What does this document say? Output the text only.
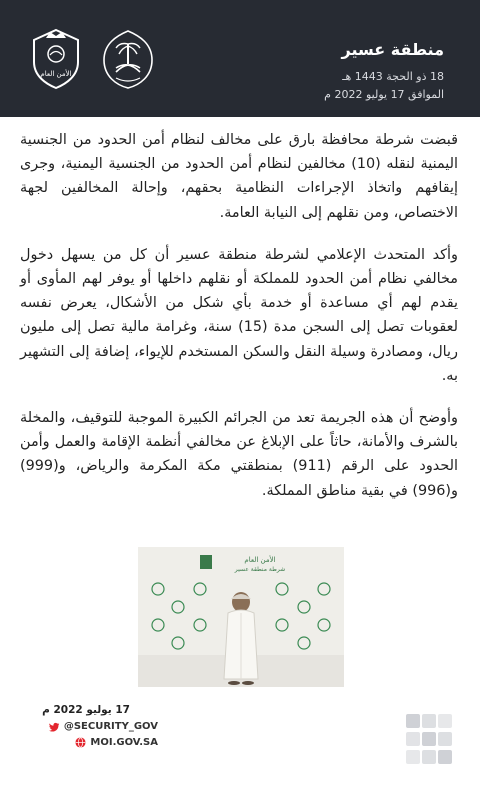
الأمن العام
منطقة عسير
18 ذو الحجة 1443 هـ
الموافق 17 يوليو 2022 م

قبضت شرطة محافظة بارق على مخالف لنظام أمن الحدود من الجنسية اليمنية لنقله (10) مخالفين لنظام أمن الحدود من الجنسية اليمنية، وجرى إيقافهم واتخاذ الإجراءات النظامية بحقهم، وإحالة المخالفين لجهة الاختصاص، ومن نقلهم إلى النيابة العامة.

وأكد المتحدث الإعلامي لشرطة منطقة عسير أن كل من يسهل دخول مخالفي نظام أمن الحدود للمملكة أو نقلهم داخلها أو يوفر لهم المأوى أو يقدم لهم أي مساعدة أو خدمة بأي شكل من الأشكال، يعرض نفسه لعقوبات تصل إلى السجن مدة (15) سنة، وغرامة مالية تصل إلى مليون ريال، ومصادرة وسيلة النقل والسكن المستخدم للإيواء، إضافة إلى التشهير به.

وأوضح أن هذه الجريمة تعد من الجرائم الكبيرة الموجبة للتوقيف، والمخلة بالشرف والأمانة، حاثاً على الإبلاغ عن مخالفي أنظمة الإقامة والعمل وأمن الحدود على الرقم (911) بمنطقتي مكة المكرمة والرياض، و(999) و(996) في بقية مناطق المملكة.

الأمن العام
شرطة منطقة عسير
17 يوليو 2022 م
@SECURITY_GOV
MOI.GOV.SA
